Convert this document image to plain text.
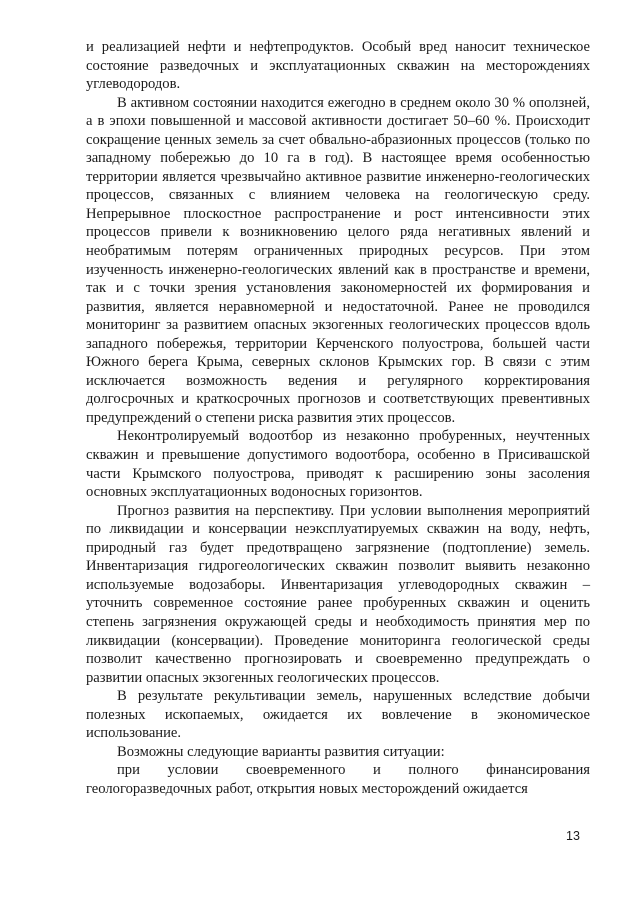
и реализацией нефти и нефтепродуктов. Особый вред наносит техническое состояние разведочных и эксплуатационных скважин на месторождениях углеводородов.

В активном состоянии находится ежегодно в среднем около 30 % оползней, а в эпохи повышенной и массовой активности достигает 50–60 %. Происходит сокращение ценных земель за счет обвально-абразионных процессов (только по западному побережью до 10 га в год). В настоящее время особенностью территории является чрезвычайно активное развитие инженерно-геологических процессов, связанных с влиянием человека на геологическую среду. Непрерывное плоскостное распространение и рост интенсивности этих процессов привели к возникновению целого ряда негативных явлений и необратимым потерям ограниченных природных ресурсов. При этом изученность инженерно-геологических явлений как в пространстве и времени, так и с точки зрения установления закономерностей их формирования и развития, является неравномерной и недостаточной. Ранее не проводился мониторинг за развитием опасных экзогенных геологических процессов вдоль западного побережья, территории Керченского полуострова, большей части Южного берега Крыма, северных склонов Крымских гор. В связи с этим исключается возможность ведения и регулярного корректирования долгосрочных и краткосрочных прогнозов и соответствующих превентивных предупреждений о степени риска развития этих процессов.

Неконтролируемый водоотбор из незаконно пробуренных, неучтенных скважин и превышение допустимого водоотбора, особенно в Присивашской части Крымского полуострова, приводят к расширению зоны засоления основных эксплуатационных водоносных горизонтов.

Прогноз развития на перспективу. При условии выполнения мероприятий по ликвидации и консервации неэксплуатируемых скважин на воду, нефть, природный газ будет предотвращено загрязнение (подтопление) земель. Инвентаризация гидрогеологических скважин позволит выявить незаконно используемые водозаборы. Инвентаризация углеводородных скважин – уточнить современное состояние ранее пробуренных скважин и оценить степень загрязнения окружающей среды и необходимость принятия мер по ликвидации (консервации). Проведение мониторинга геологической среды позволит качественно прогнозировать и своевременно предупреждать о развитии опасных экзогенных геологических процессов.

В результате рекультивации земель, нарушенных вследствие добычи полезных ископаемых, ожидается их вовлечение в экономическое использование.

Возможны следующие варианты развития ситуации:

при условии своевременного и полного финансирования геологоразведочных работ, открытия новых месторождений ожидается

13
